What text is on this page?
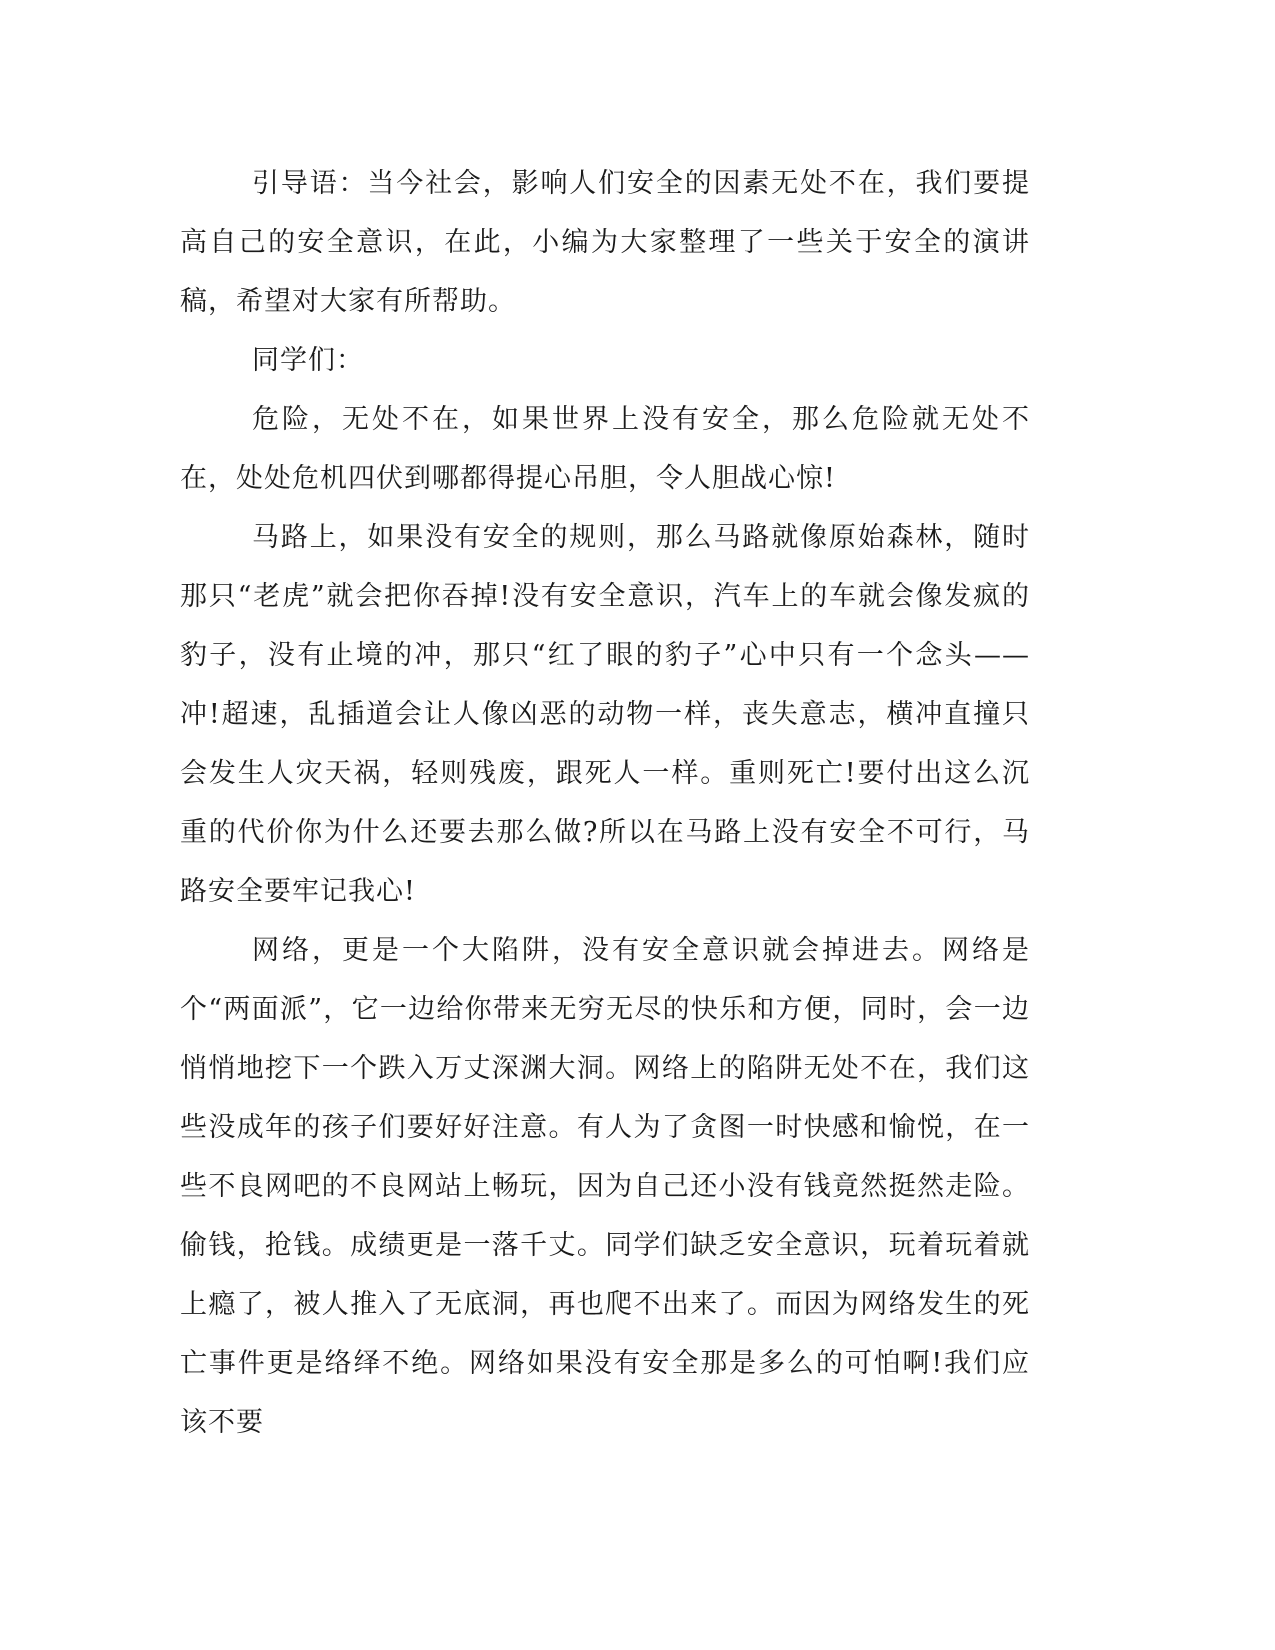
引导语：当今社会，影响人们安全的因素无处不在，我们要提高自己的安全意识，在此，小编为大家整理了一些关于安全的演讲稿，希望对大家有所帮助。

同学们：

危险，无处不在，如果世界上没有安全，那么危险就无处不在，处处危机四伏到哪都得提心吊胆，令人胆战心惊!

马路上，如果没有安全的规则，那么马路就像原始森林，随时那只“老虎”就会把你吞掉!没有安全意识，汽车上的车就会像发疯的豹子，没有止境的冲，那只“红了眼的豹子”心中只有一个念头——冲!超速，乱插道会让人像凶恶的动物一样，丧失意志，横冲直撞只会发生人灾天祸，轻则残废，跟死人一样。重则死亡!要付出这么沉重的代价你为什么还要去那么做?所以在马路上没有安全不可行，马路安全要牢记我心!

网络，更是一个大陷阱，没有安全意识就会掉进去。网络是个“两面派”，它一边给你带来无穷无尽的快乐和方便，同时，会一边悄悄地挖下一个跌入万丈深渊大洞。网络上的陷阱无处不在，我们这些没成年的孩子们要好好注意。有人为了贪图一时快感和愉悦，在一些不良网吧的不良网站上畅玩，因为自己还小没有钱竟然挺然走险。偷钱，抢钱。成绩更是一落千丈。同学们缺乏安全意识，玩着玩着就上瘾了，被人推入了无底洞，再也爬不出来了。而因为网络发生的死亡事件更是络绎不绝。网络如果没有安全那是多么的可怕啊!我们应该不要
